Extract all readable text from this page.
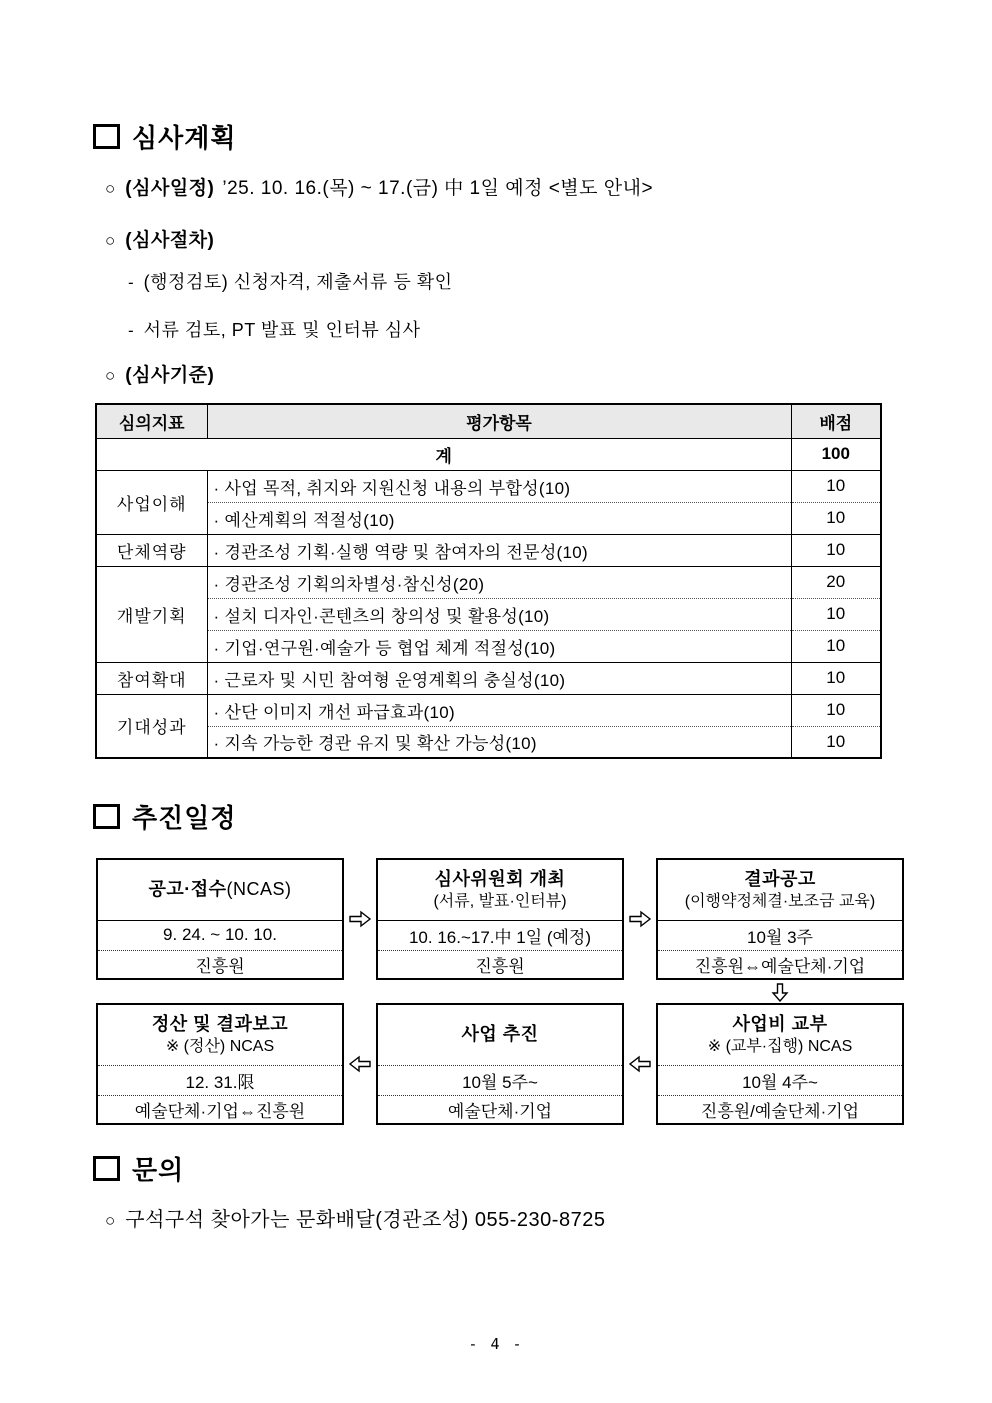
심사계획
○ (심사일정) ’25. 10. 16.(목) ~ 17.(금) 中 1일 예정 <별도 안내>
○ (심사절차)
- (행정검토) 신청자격, 제출서류 등 확인
- 서류 검토, PT 발표 및 인터뷰 심사
○ (심사기준)
심의지표	평가항목	배점
계		100
사업이해	· 사업 목적, 취지와 지원신청 내용의 부합성(10)	10
	· 예산계획의 적절성(10)	10
단체역량	· 경관조성 기획·실행 역량 및 참여자의 전문성(10)	10
개발기획	· 경관조성 기획의차별성·참신성(20)	20
	· 설치 디자인·콘텐츠의 창의성 및 활용성(10)	10
	· 기업·연구원·예술가 등 협업 체계 적절성(10)	10
참여확대	· 근로자 및 시민 참여형 운영계획의 충실성(10)	10
기대성과	· 산단 이미지 개선 파급효과(10)	10
	· 지속 가능한 경관 유지 및 확산 가능성(10)	10
추진일정
공고·접수(NCAS)
9. 24. ~ 10. 10.
진흥원
심사위원회 개최
(서류, 발표·인터뷰)
10. 16.~17.中 1일 (예정)
진흥원
결과공고
(이행약정체결·보조금 교육)
10월 3주
진흥원⇔예술단체·기업
정산 및 결과보고
※ (정산) NCAS
12. 31.限
예술단체·기업⇔진흥원
사업 추진
10월 5주~
예술단체·기업
사업비 교부
※ (교부·집행) NCAS
10월 4주~
진흥원/예술단체·기업
문의
○ 구석구석 찾아가는 문화배달(경관조성) 055-230-8725
- 4 -
